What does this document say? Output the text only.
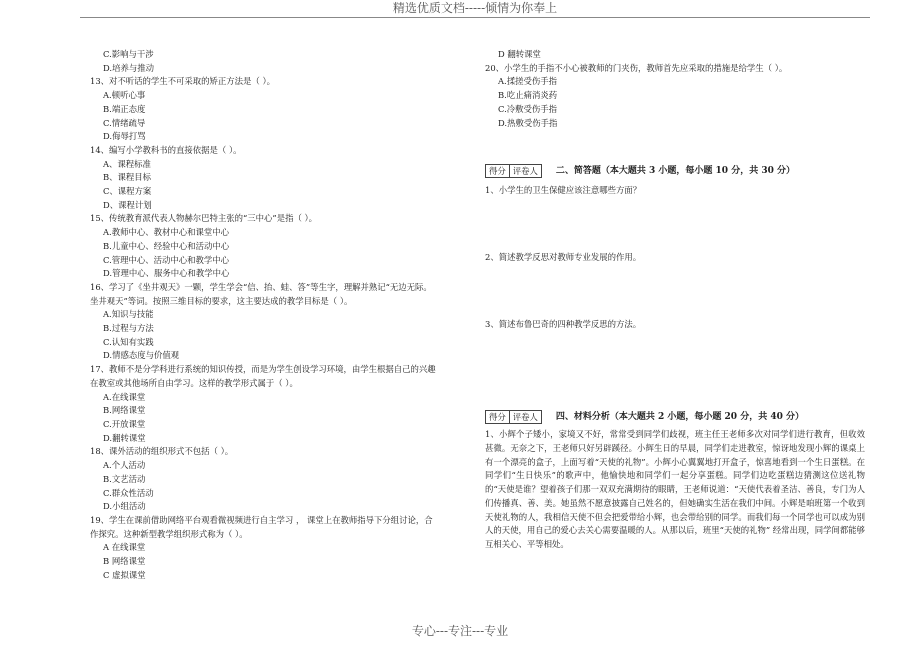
精选优质文档-----倾情为你奉上
C.影响与干涉
D.培养与推动
13、对不听话的学生不可采取的矫正方法是（ ）。
A.顿听心事
B.端正态度
C.情绪疏导
D.侮辱打骂
14、编写小学教科书的直接依据是（ ）。
A、课程标准
B、课程目标
C、课程方案
D、课程计划
15、传统教育派代表人物赫尔巴特主张的“三中心”是指（ ）。
A.教师中心、教材中心和课堂中心
B.儿童中心、经验中心和活动中心
C.管理中心、活动中心和教学中心
D.管理中心、服务中心和教学中心
16、学习了《坐井观天》一颗，学生学会“信、抬、蛙、答”等生字，理解并熟记“无边无际。
坐井观天”等词。按照三维目标的要求，这主要达成的教学目标是（ ）。
A.知识与技能
B.过程与方法
C.认知有实践
D.情感态度与价值观
17、教师不是分学科进行系统的知识传授，而是为学生创设学习环境，由学生根据自己的兴趣
在教室或其他场所自由学习。这样的教学形式属于（ ）。
A.在线课堂
B.网络课堂
C.开放课堂
D.翻转课堂
18、课外活动的组织形式不包括（ ）。
A.个人活动
B.文艺活动
C.群众性活动
D.小组活动
19、学生在课前借助网络平台观看微视频进行自主学习 ， 课堂上在教师指导下分组讨论，合
作探究。这种新型教学组织形式称为（ ）。
A 在线课堂
B 网络课堂
C 虚拟课堂
D 翻转课堂
20、小学生的手指不小心被教师的门夹伤，教师首先应采取的措施是给学生（ ）。
A.揉搓受伤手指
B.吃止痛消炎药
C.冷敷受伤手指
D.热敷受伤手指
得分 评卷人	二、简答题（本大题共 3 小题，每小题 10 分，共 30 分）
1、小学生的卫生保健应该注意哪些方面？
2、简述教学反思对教师专业发展的作用。
3、简述布鲁巴奇的四种教学反思的方法。
得分 评卷人	四、材料分析（本大题共 2 小题，每小题 20 分，共 40 分）
1、小辉个子矮小，家境又不好，常常受到同学们歧视，班主任王老师多次对同学们进行教育，但收效甚微。无奈之下，王老师只好另辟蹊径。小辉生日的早晨，同学们走进教室，惊讶地发现小辉的课桌上有一个漂亮的盒子，上面写着“天使的礼物”。小辉小心翼翼地打开盒子，惊喜地看到一个生日蛋糕。在同学们“生日快乐”的歌声中，他愉快地和同学们一起分享蛋糕。同学们边吃蛋糕边猜测这位送礼物的“天使是谁？望着孩子们那一双双充满期待的眼睛，王老师说道：“天使代表着圣洁、善良，专门为人们传播真、善、美。她虽然不愿意披露自己姓名的，但她确实生活在我们中间。小辉是咱班第一个收到天使礼物的人，我相信天使不但会把爱带给小辉，也会带给别的同学。而我们每一个同学也可以成为别人的天使，用自己的爱心去关心需要温暖的人。从那以后，班里“天使的礼物” 经常出现，同学间都能够互相关心、平等相处。
专心---专注---专业
